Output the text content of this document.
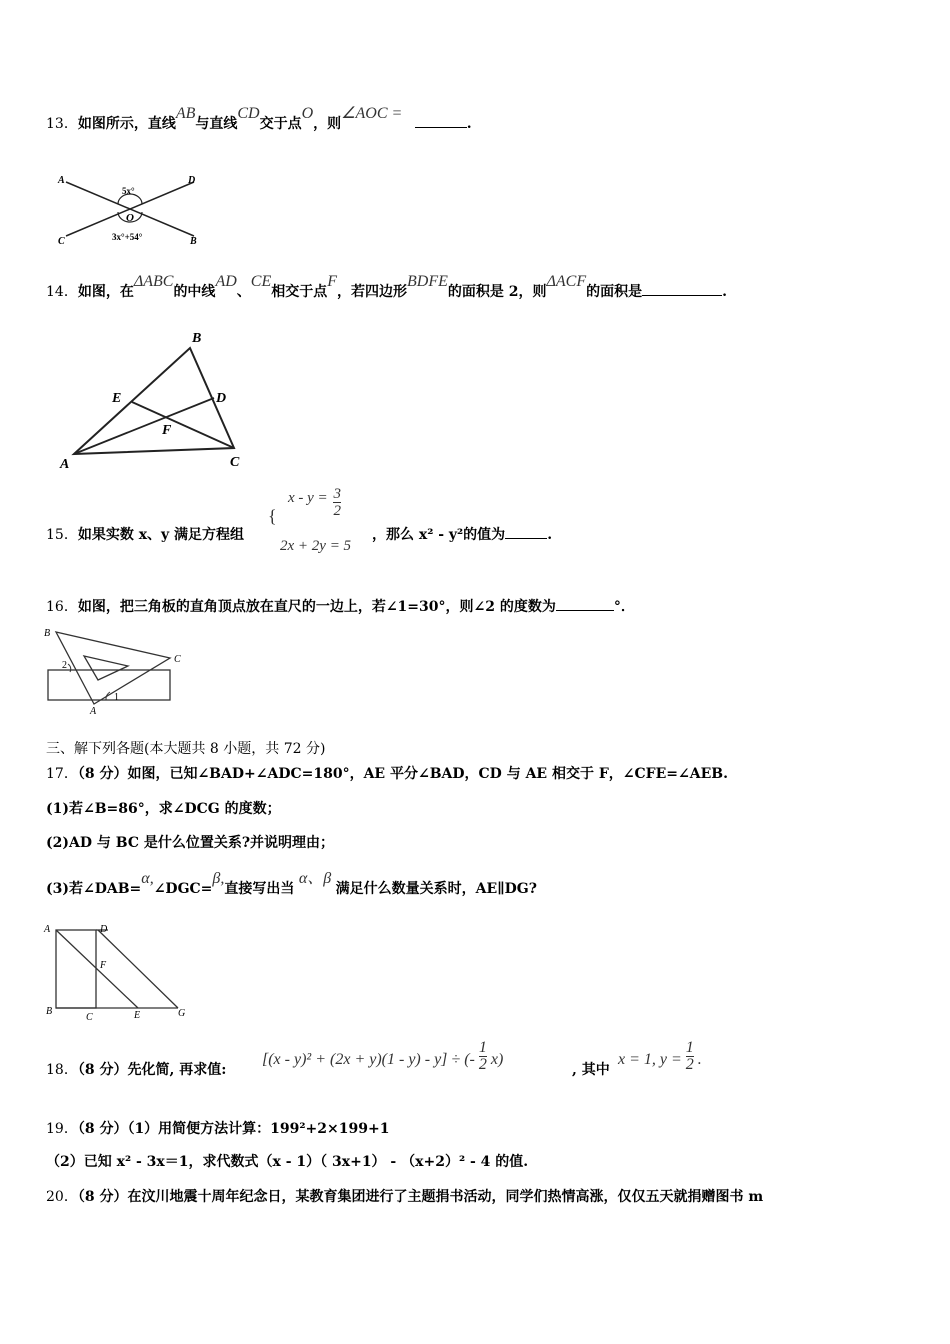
13．如图所示，直线AB与直线CD交于点O，则∠AOC = .
A	D
C	B
O
5x°
3x°+54°
14．如图，在ΔABC的中线AD、CE相交于点F，若四边形BDFE的面积是 2，则ΔACF的面积是	.
A
B
C
D
E
F
15．如果实数 x、y 满足方程组
{
$x - y = \frac{3}{2}$
2x + 2y = 5
，那么 x² - y²的值为	.
16．如图，把三角板的直角顶点放在直尺的一边上，若∠1=30°，则∠2 的度数为	°．
B
C
A
2
1
三、解下列各题(本大题共 8 小题，共 72 分)
17．（8 分）如图，已知∠BAD+∠ADC=180°，AE 平分∠BAD，CD 与 AE 相交于 F，∠CFE=∠AEB.
(1)若∠B=86°，求∠DCG 的度数；
(2)AD 与 BC 是什么位置关系?并说明理由；
(3)若∠DAB=α,∠DGC=β,直接写出当 α、β 满足什么数量关系时，AE∥DG?
A	D
F
B
C	E	G
18．（8 分）先化简, 再求值:
[(x - y)² + (2x + y)(1 - y) - y] ÷ (- $\frac{1}{2} x$)
, 其中
x = 1, $y = \frac{1}{2}$ .
19．（8 分）（1）用简便方法计算：199²+2×199+1
（2）已知 x² - 3x＝1，求代数式（x - 1）（ 3x+1） - （x+2）² - 4 的值.
20．（8 分）在汶川地震十周年纪念日，某教育集团进行了主题捐书活动，同学们热情高涨，仅仅五天就捐赠图书 m
